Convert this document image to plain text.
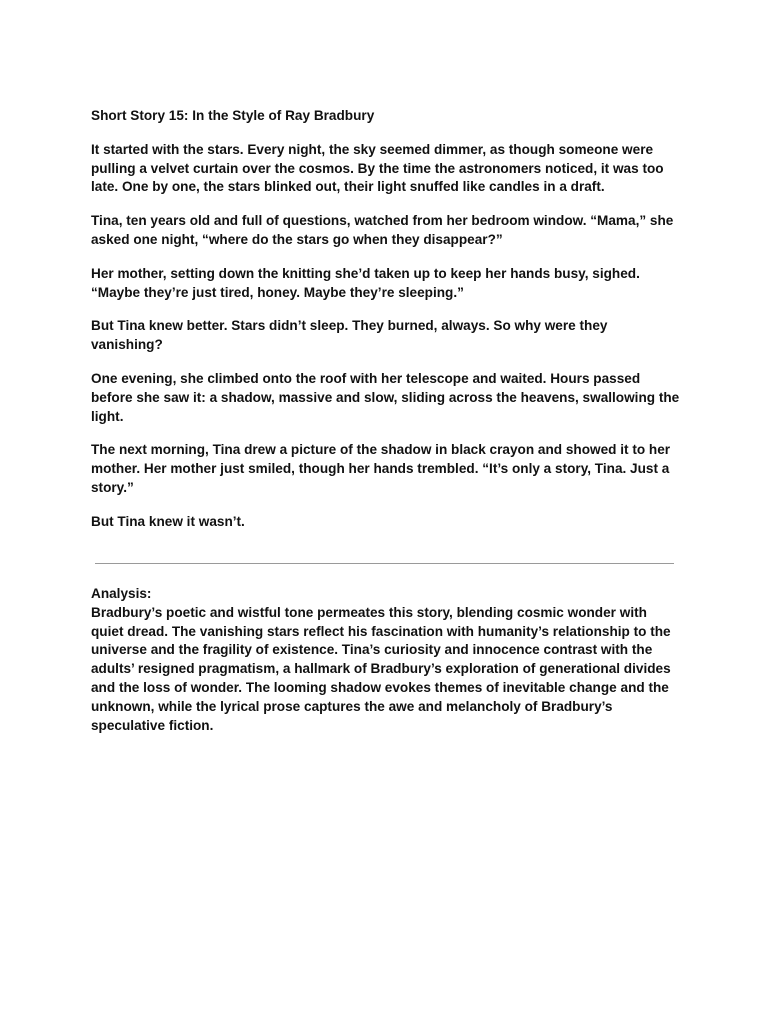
Short Story 15: In the Style of Ray Bradbury

It started with the stars. Every night, the sky seemed dimmer, as though someone were pulling a velvet curtain over the cosmos. By the time the astronomers noticed, it was too late. One by one, the stars blinked out, their light snuffed like candles in a draft.

Tina, ten years old and full of questions, watched from her bedroom window. “Mama,” she asked one night, “where do the stars go when they disappear?”

Her mother, setting down the knitting she’d taken up to keep her hands busy, sighed. “Maybe they’re just tired, honey. Maybe they’re sleeping.”

But Tina knew better. Stars didn’t sleep. They burned, always. So why were they vanishing?

One evening, she climbed onto the roof with her telescope and waited. Hours passed before she saw it: a shadow, massive and slow, sliding across the heavens, swallowing the light.

The next morning, Tina drew a picture of the shadow in black crayon and showed it to her mother. Her mother just smiled, though her hands trembled. “It’s only a story, Tina. Just a story.”

But Tina knew it wasn’t.

Analysis:
Bradbury’s poetic and wistful tone permeates this story, blending cosmic wonder with quiet dread. The vanishing stars reflect his fascination with humanity’s relationship to the universe and the fragility of existence. Tina’s curiosity and innocence contrast with the adults’ resigned pragmatism, a hallmark of Bradbury’s exploration of generational divides and the loss of wonder. The looming shadow evokes themes of inevitable change and the unknown, while the lyrical prose captures the awe and melancholy of Bradbury’s speculative fiction.
